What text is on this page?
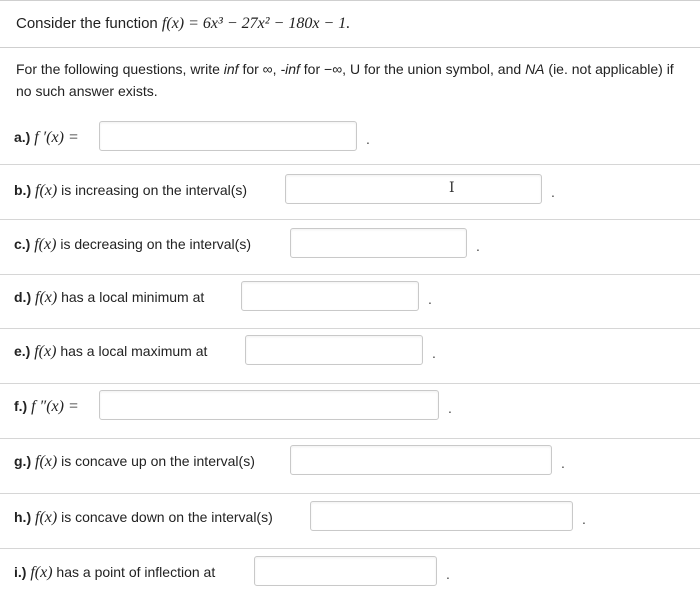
Consider the function f(x) = 6x³ − 27x² − 180x − 1.
For the following questions, write inf for ∞, -inf for −∞, U for the union symbol, and NA (ie. not applicable) if no such answer exists.
a.) f ′(x) =	.
b.) f(x) is increasing on the interval(s)	I	.
c.) f(x) is decreasing on the interval(s)	.
d.) f(x) has a local minimum at	.
e.) f(x) has a local maximum at	.
f.) f ″(x) =	.
g.) f(x) is concave up on the interval(s)	.
h.) f(x) is concave down on the interval(s)	.
i.) f(x) has a point of inflection at	.
